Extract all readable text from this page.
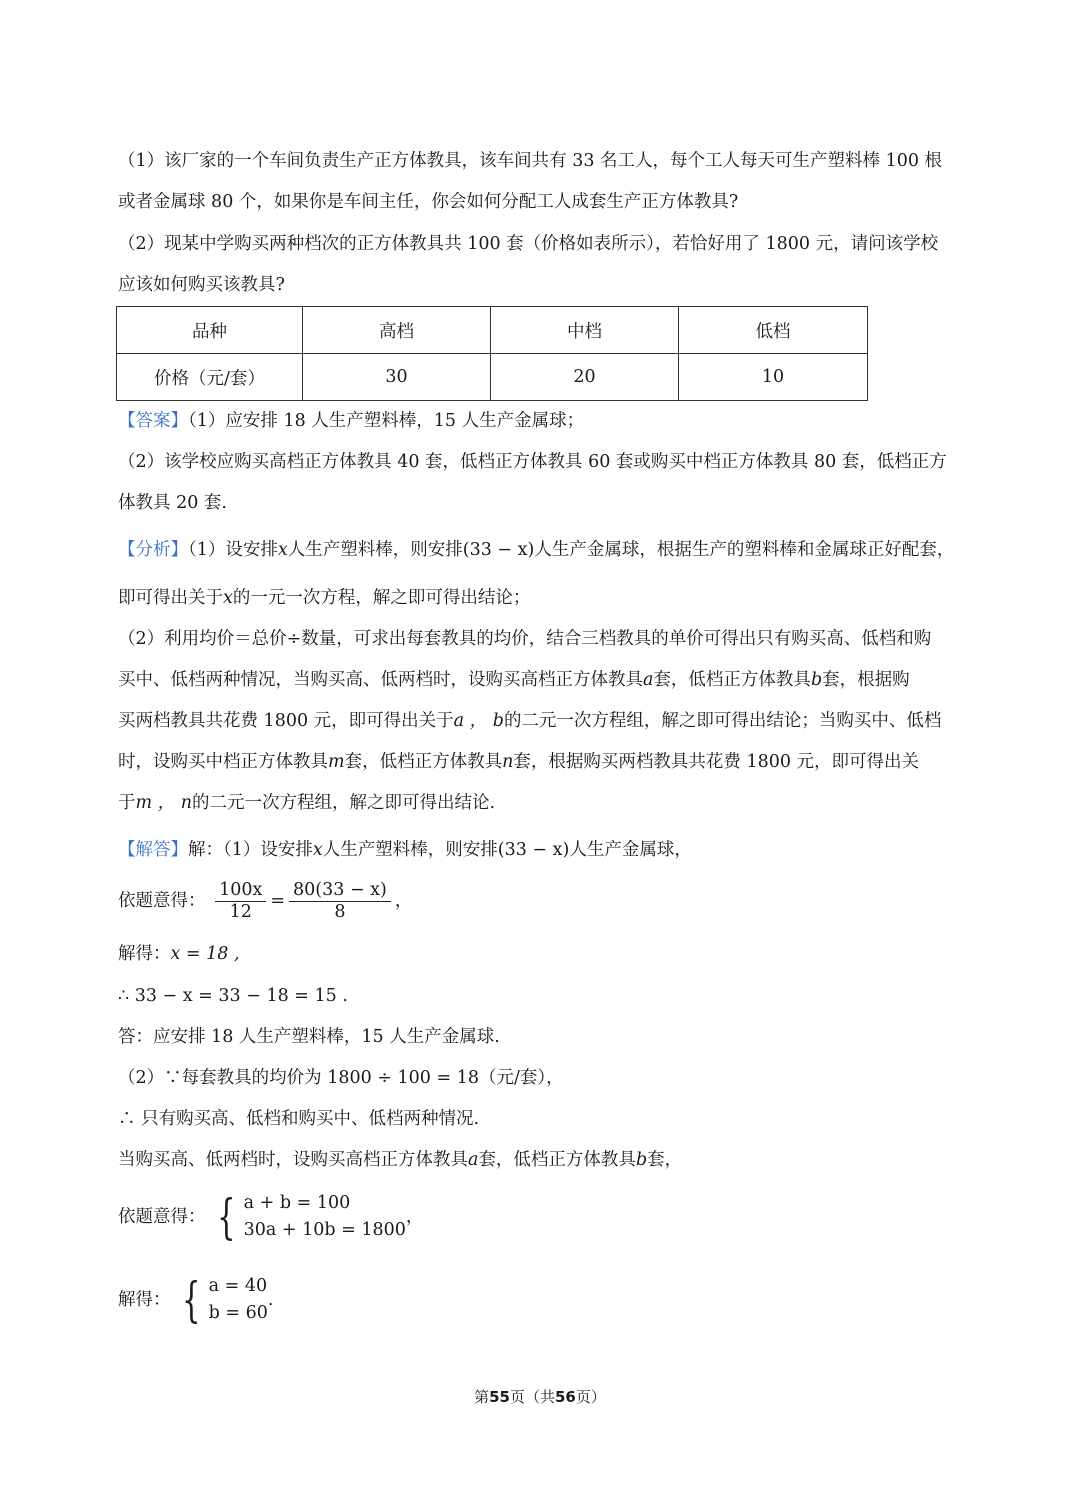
（1）该厂家的一个车间负责生产正方体教具，该车间共有 33 名工人，每个工人每天可生产塑料棒 100 根
或者金属球 80 个，如果你是车间主任，你会如何分配工人成套生产正方体教具?
（2）现某中学购买两种档次的正方体教具共 100 套（价格如表所示），若恰好用了 1800 元，请问该学校
应该如何购买该教具?
品种	高档	中档	低档
价格（元/套）	30	20	10
【答案】（1）应安排 18 人生产塑料棒，15 人生产金属球；
（2）该学校应购买高档正方体教具 40 套，低档正方体教具 60 套或购买中档正方体教具 80 套，低档正方
体教具 20 套.
【分析】（1）设安排x人生产塑料棒，则安排(33 − x)人生产金属球，根据生产的塑料棒和金属球正好配套，
即可得出关于x的一元一次方程，解之即可得出结论；
（2）利用均价＝总价÷数量，可求出每套教具的均价，结合三档教具的单价可得出只有购买高、低档和购
买中、低档两种情况，当购买高、低两档时，设购买高档正方体教具a套，低档正方体教具b套，根据购
买两档教具共花费 1800 元，即可得出关于a ， b的二元一次方程组，解之即可得出结论；当购买中、低档
时，设购买中档正方体教具m套，低档正方体教具n套，根据购买两档教具共花费 1800 元，即可得出关
于m ， n的二元一次方程组，解之即可得出结论.
【解答】解：（1）设安排x人生产塑料棒，则安排(33 − x)人生产金属球，
依题意得： $\frac{100x}{12} = \frac{80(33 - x)}{8}$ ，
解得：x = 18 ,
∴ 33 − x = 33 − 18 = 15 .
答：应安排 18 人生产塑料棒，15 人生产金属球.
（2）∵每套教具的均价为 1800 ÷ 100 = 18（元/套），
∴ 只有购买高、低档和购买中、低档两种情况.
当购买高、低两档时，设购买高档正方体教具a套，低档正方体教具b套，
依题意得： { a + b = 100
30a + 10b = 1800
，
解得： { a = 40
b = 60
.
第55页（共56页）
